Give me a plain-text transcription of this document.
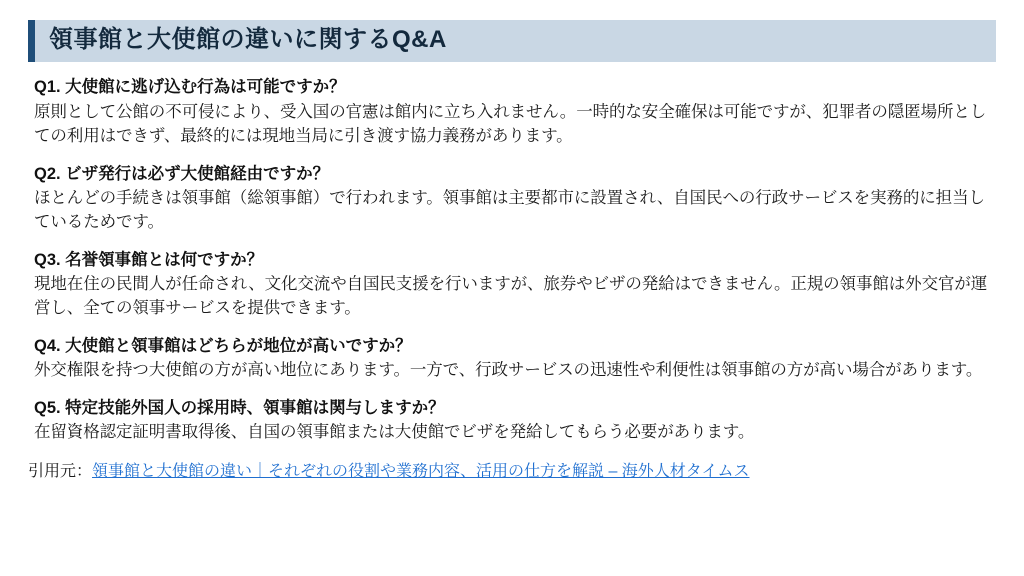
領事館と大使館の違いに関するQ&A
Q1. 大使館に逃げ込む行為は可能ですか？
原則として公館の不可侵により、受入国の官憲は館内に立ち入れません。一時的な安全確保は可能ですが、犯罪者の隠匿場所としての利用はできず、最終的には現地当局に引き渡す協力義務があります。
Q2. ビザ発行は必ず大使館経由ですか？
ほとんどの手続きは領事館（総領事館）で行われます。領事館は主要都市に設置され、自国民への行政サービスを実務的に担当しているためです。
Q3. 名誉領事館とは何ですか？
現地在住の民間人が任命され、文化交流や自国民支援を行いますが、旅券やビザの発給はできません。正規の領事館は外交官が運営し、全ての領事サービスを提供できます。
Q4. 大使館と領事館はどちらが地位が高いですか？
外交権限を持つ大使館の方が高い地位にあります。一方で、行政サービスの迅速性や利便性は領事館の方が高い場合があります。
Q5. 特定技能外国人の採用時、領事館は関与しますか？
在留資格認定証明書取得後、自国の領事館または大使館でビザを発給してもらう必要があります。
引用元：領事館と大使館の違い｜それぞれの役割や業務内容、活用の仕方を解説 – 海外人材タイムス
